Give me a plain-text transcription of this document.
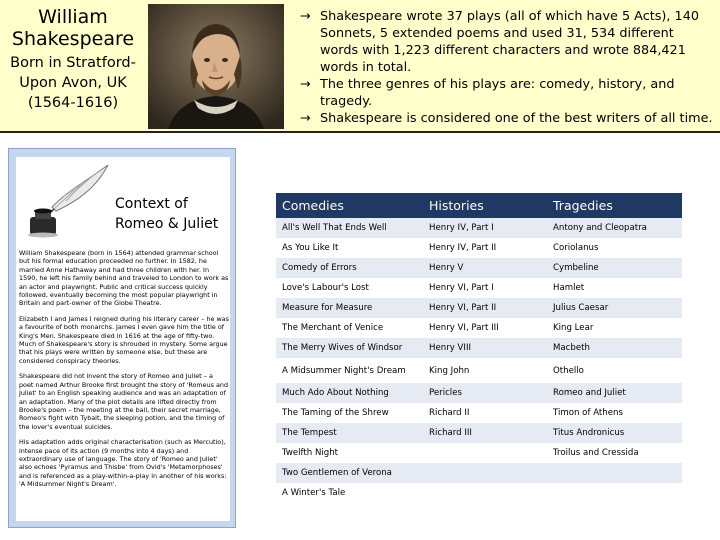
William
Shakespeare
Born in Stratford-
Upon Avon, UK
(1564-1616)
→ Shakespeare wrote 37 plays (all of which have 5 Acts), 140 Sonnets, 5 extended poems and used 31, 534 different words with 1,223 different characters and wrote 884,421 words in total.
→ The three genres of his plays are: comedy, history, and tragedy.
→ Shakespeare is considered one of the best writers of all time.
Context of
Romeo & Juliet

William Shakespeare (born in 1564) attended grammar school but his formal education proceeded no further. In 1582, he married Anne Hathaway and had three children with her. In 1590, he left his family behind and traveled to London to work as an actor and playwright. Public and critical success quickly followed, eventually becoming the most popular playwright in Britain and part-owner of the Globe Theatre.

Elizabeth I and James I reigned during his literary career – he was a favourite of both monarchs. James I even gave him the title of King's Men. Shakespeare died in 1616 at the age of fifty-two. Much of Shakespeare's story is shrouded in mystery. Some argue that his plays were written by someone else, but these are considered conspiracy theories.

Shakespeare did not invent the story of Romeo and Juliet – a poet named Arthur Brooke first brought the story of 'Romeus and Juliet' to an English speaking audience and was an adaptation of an adaptation. Many of the plot details are lifted directly from Brooke's poem – the meeting at the ball, their secret marriage, Romeo's fight with Tybalt, the sleeping potion, and the timing of the lover's eventual suicides.

His adaptation adds original characterisation (such as Mercutio), intense pace of its action (9 months into 4 days) and extraordinary use of language. The story of 'Romeo and Juliet' also echoes 'Pyramus and Thisbe' from Ovid's 'Metamorphoses' and is referenced as a play-within-a-play in another of his works: 'A Midsummer Night's Dream'.

Comedies	Histories	Tragedies
All's Well That Ends Well	Henry IV, Part I	Antony and Cleopatra
As You Like It	Henry IV, Part II	Coriolanus
Comedy of Errors	Henry V	Cymbeline
Love's Labour's Lost	Henry VI, Part I	Hamlet
Measure for Measure	Henry VI, Part II	Julius Caesar
The Merchant of Venice	Henry VI, Part III	King Lear
The Merry Wives of Windsor	Henry VIII	Macbeth
A Midsummer Night's Dream	King John	Othello
Much Ado About Nothing	Pericles	Romeo and Juliet
The Taming of the Shrew	Richard II	Timon of Athens
The Tempest	Richard III	Titus Andronicus
Twelfth Night		Troilus and Cressida
Two Gentlemen of Verona		
A Winter's Tale		
